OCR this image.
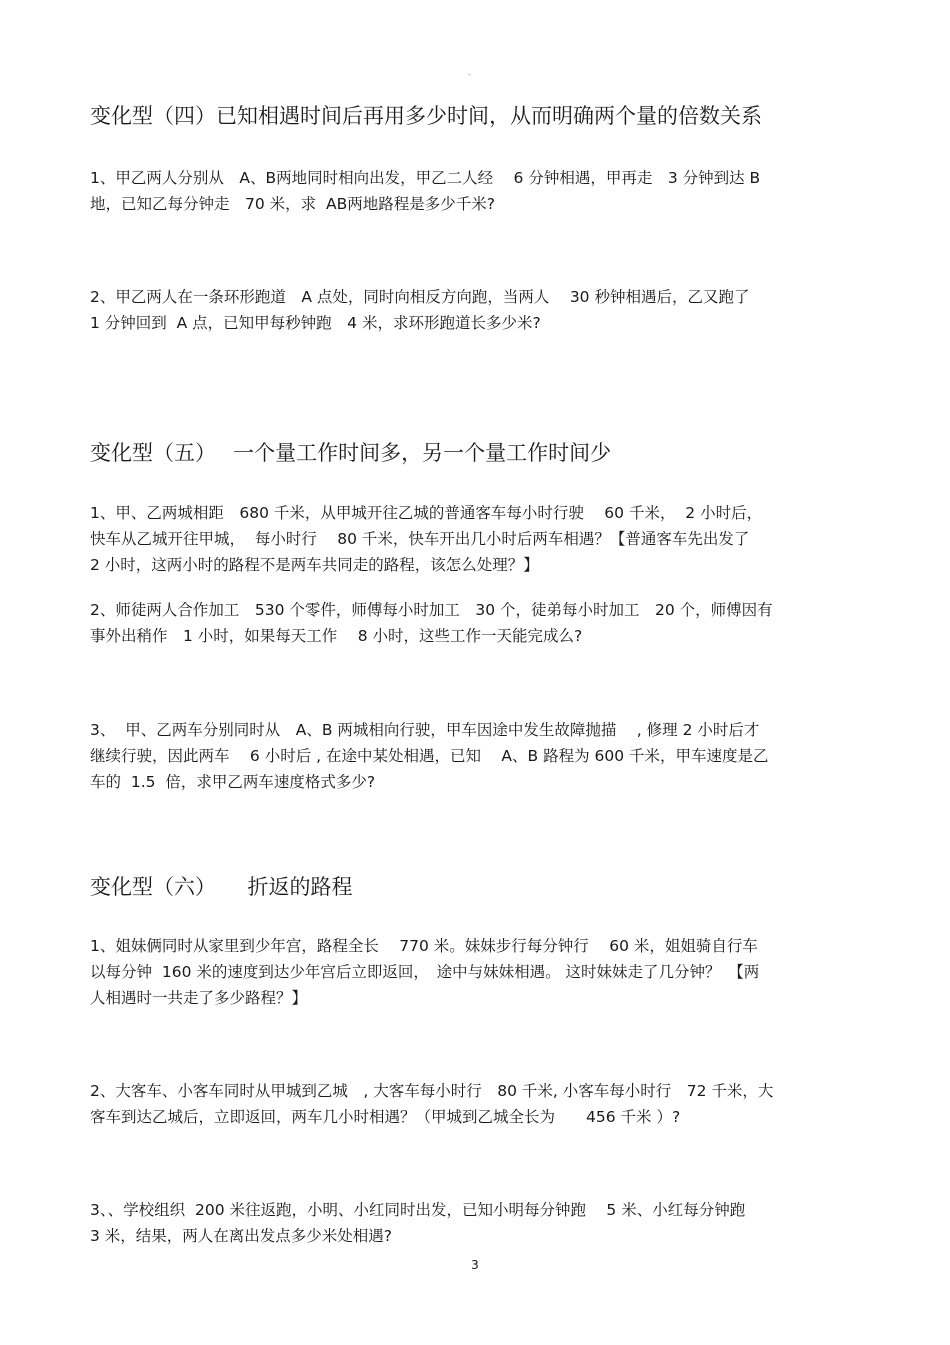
-
变化型（四）已知相遇时间后再用多少时间，从而明确两个量的倍数关系
1、甲乙两人分别从　A、B两地同时相向出发，甲乙二人经　 6 分钟相遇，甲再走　3 分钟到达 B
地，已知乙每分钟走　70 米，求  AB两地路程是多少千米?
2、甲乙两人在一条环形跑道　A 点处，同时向相反方向跑，当两人　 30 秒钟相遇后，乙又跑了
1 分钟回到  A 点，已知甲每秒钟跑　4 米，求环形跑道长多少米?
变化型（五）　 一个量工作时间多，另一个量工作时间少
1、甲、乙两城相距　680 千米，从甲城开往乙城的普通客车每小时行驶　 60 千米，  2 小时后，
快车从乙城开往甲城，  每小时行　 80 千米，快车开出几小时后两车相遇？【普通客车先出发了
2 小时，这两小时的路程不是两车共同走的路程，该怎么处理？】
2、师徒两人合作加工　530 个零件，师傅每小时加工　30 个，徒弟每小时加工　20 个，师傅因有
事外出稍作　1 小时，如果每天工作　 8 小时，这些工作一天能完成么?
3、  甲、乙两车分别同时从　A、B 两城相向行驶，甲车因途中发生故障抛描　 , 修理 2 小时后才
继续行驶，因此两车　 6 小时后 , 在途中某处相遇，已知　 A、B 路程为 600 千米，甲车速度是乙
车的  1.5  倍，求甲乙两车速度格式多少?
变化型（六）　　折返的路程
1、姐妹俩同时从家里到少年宫，路程全长　 770 米。妹妹步行每分钟行　 60 米，姐姐骑自行车
以每分钟  160 米的速度到达少年宫后立即返回，　途中与妹妹相遇。 这时妹妹走了几分钟？　【两
人相遇时一共走了多少路程？】
2、大客车、小客车同时从甲城到乙城　, 大客车每小时行　80 千米, 小客车每小时行　72 千米，大
客车到达乙城后，立即返回，两车几小时相遇？（甲城到乙城全长为　　456 千米 ）?
3、、学校组织  200 米往返跑，小明、小红同时出发，已知小明每分钟跑　 5 米、小红每分钟跑
3 米，结果，两人在离出发点多少米处相遇?
3
